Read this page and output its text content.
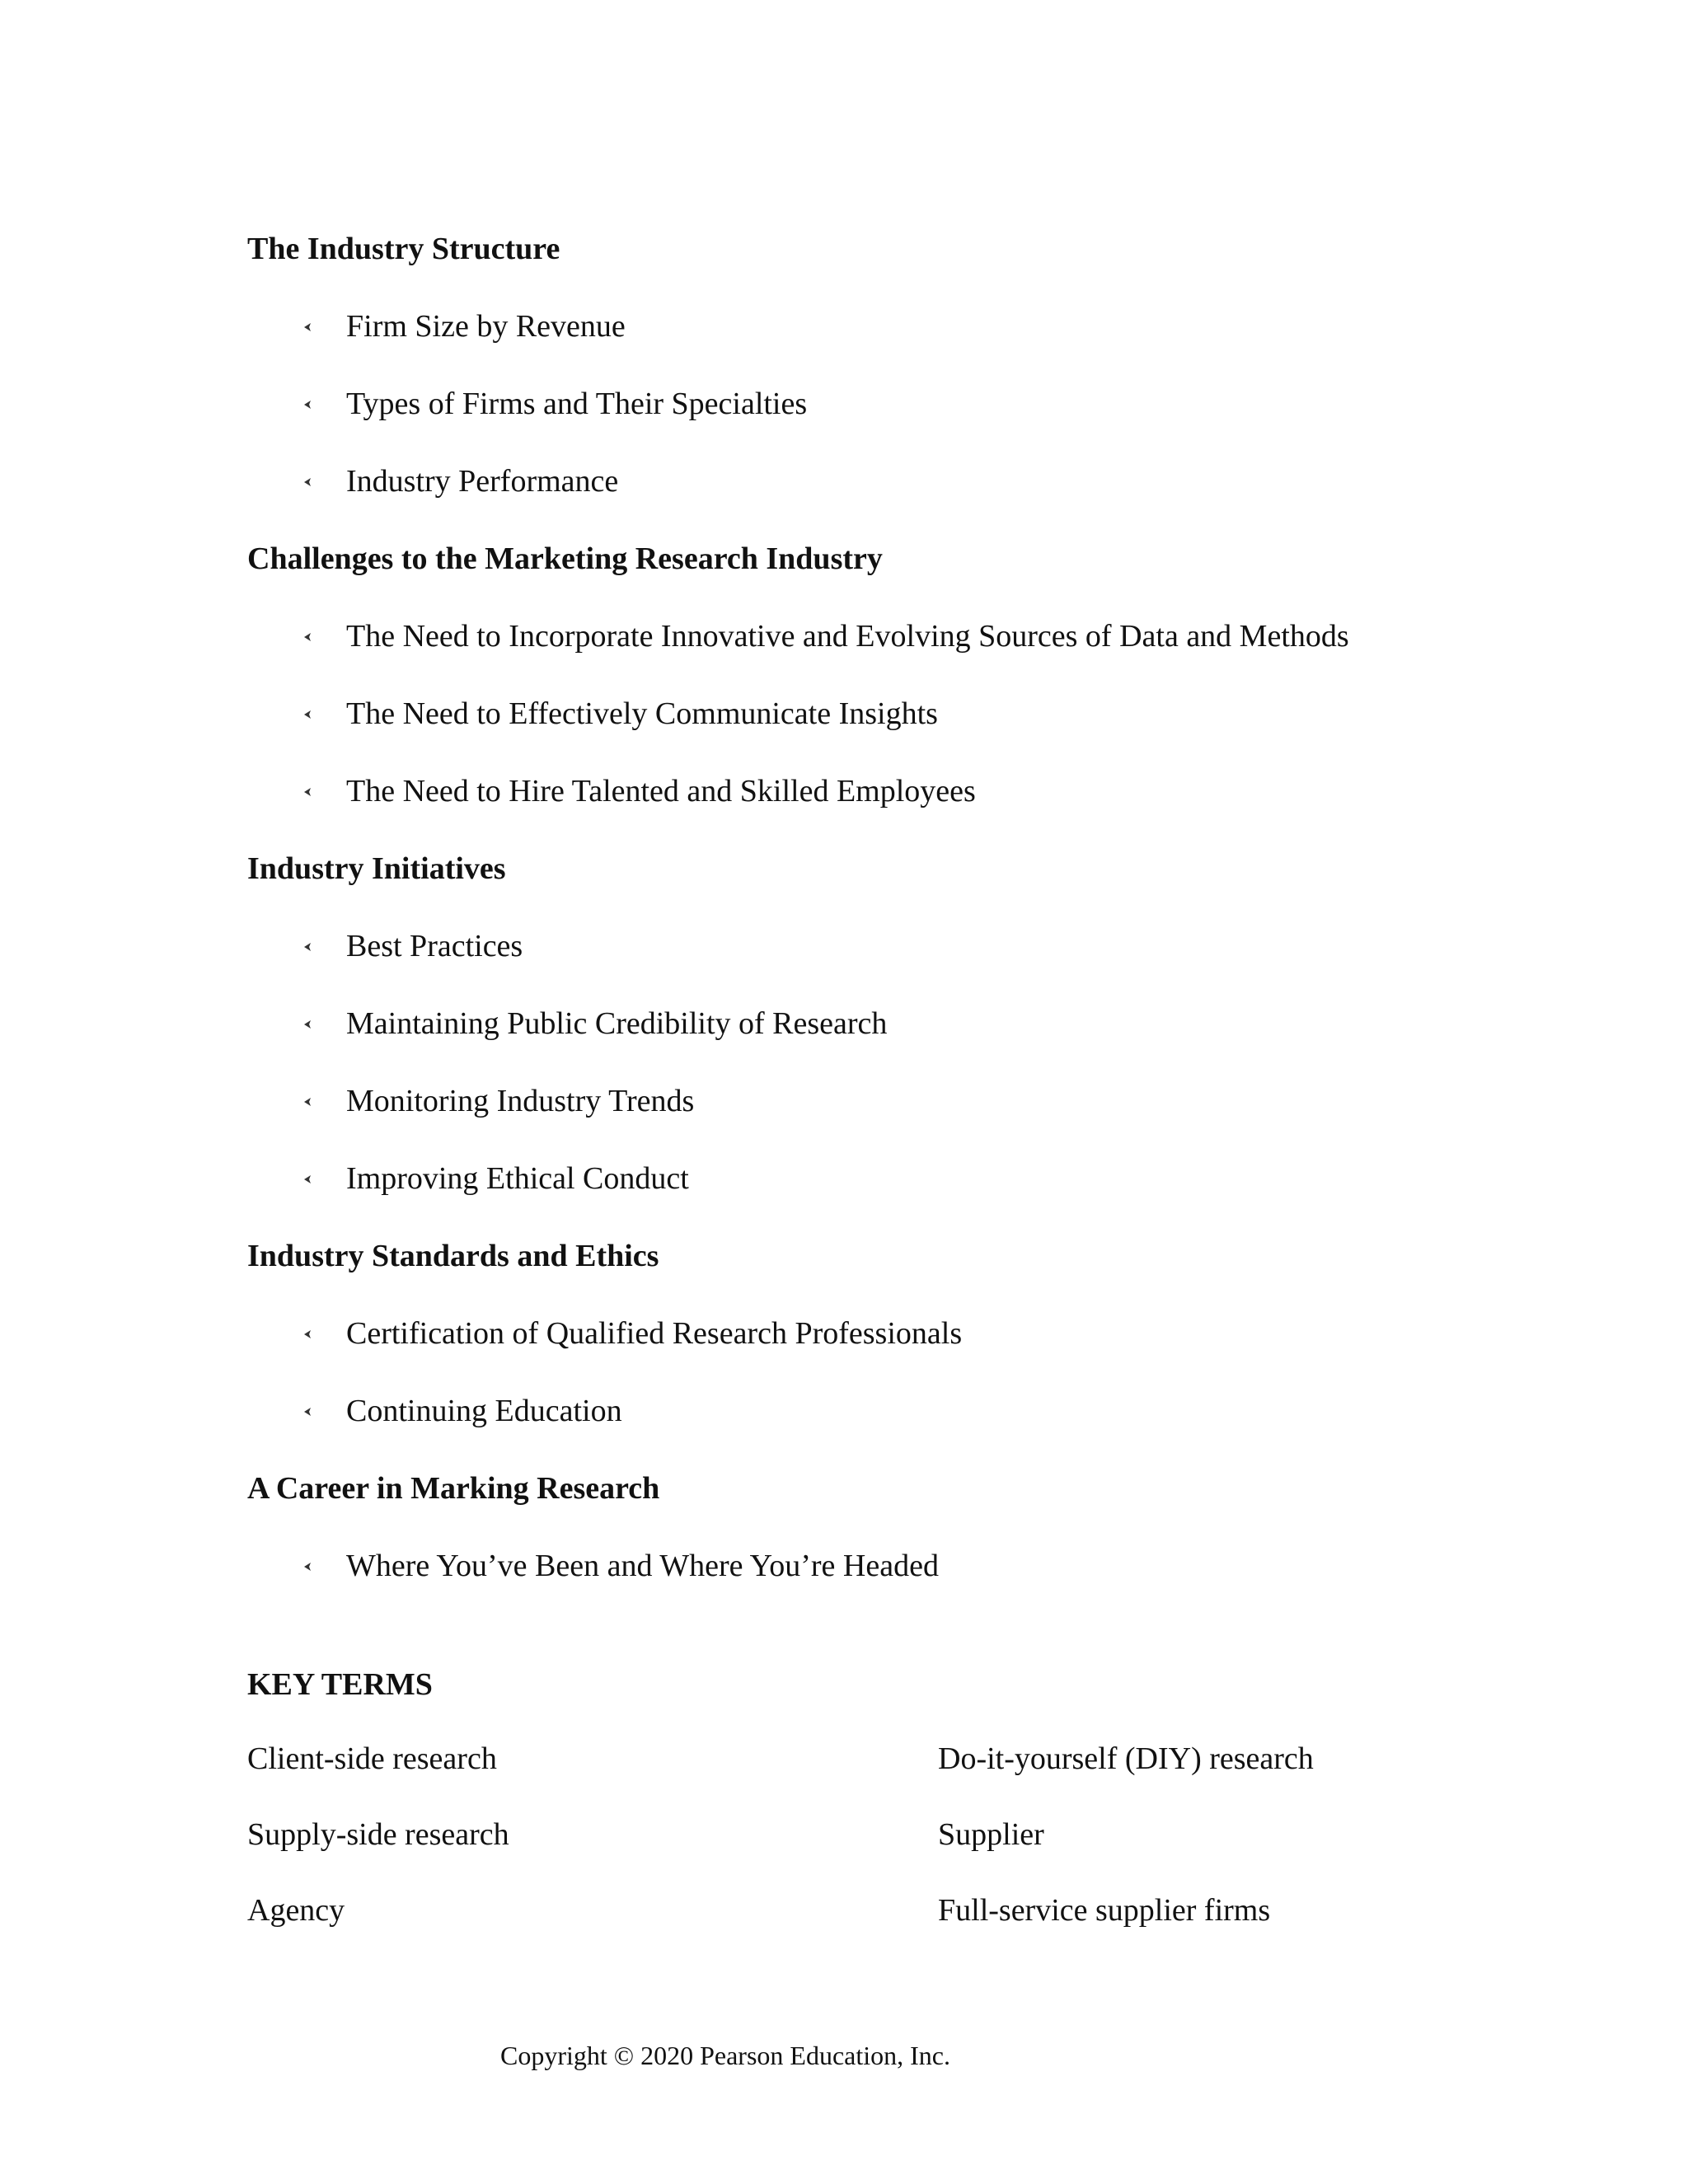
The Industry Structure
Firm Size by Revenue
Types of Firms and Their Specialties
Industry Performance
Challenges to the Marketing Research Industry
The Need to Incorporate Innovative and Evolving Sources of Data and Methods
The Need to Effectively Communicate Insights
The Need to Hire Talented and Skilled Employees
Industry Initiatives
Best Practices
Maintaining Public Credibility of Research
Monitoring Industry Trends
Improving Ethical Conduct
Industry Standards and Ethics
Certification of Qualified Research Professionals
Continuing Education
A Career in Marking Research
Where You’ve Been and Where You’re Headed
KEY TERMS
Client-side research	Do-it-yourself (DIY) research
Supply-side research	Supplier
Agency	Full-service supplier firms
Copyright © 2020 Pearson Education, Inc.
